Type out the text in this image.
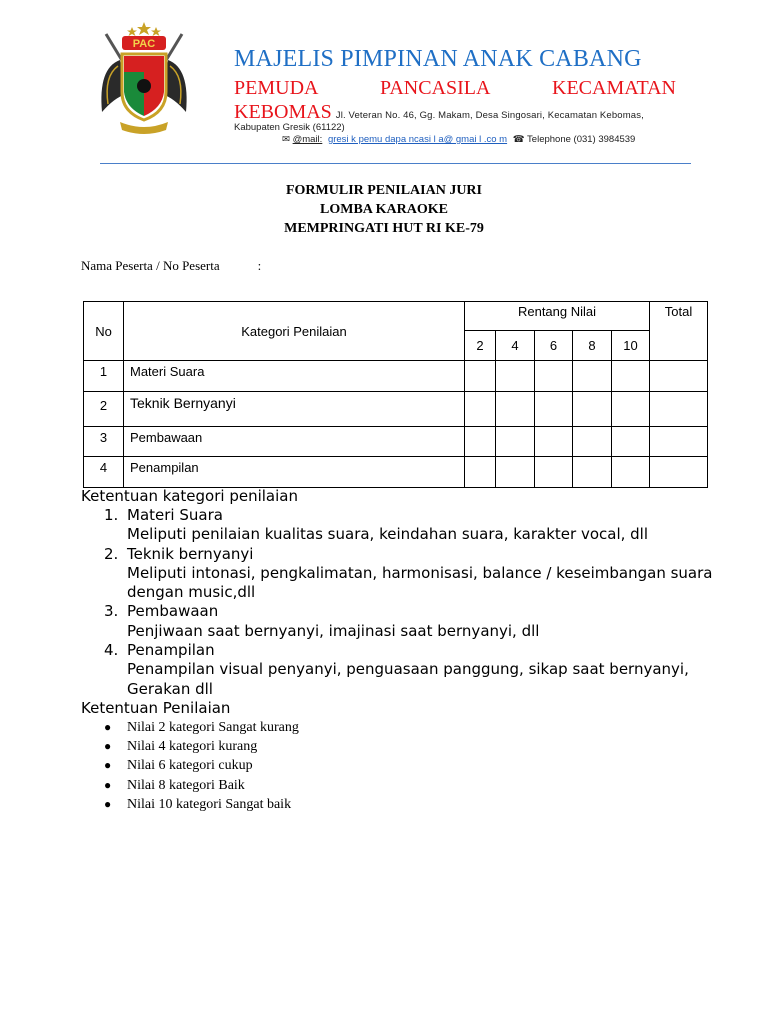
PAC
MAJELIS PIMPINAN ANAK CABANG
PEMUDA	PANCASILA	KECAMATAN
KEBOMAS Jl. Veteran No. 46, Gg. Makam, Desa Singosari, Kecamatan Kebomas,
Kabupaten Gresik (61122)
✉ @mail: gresi k pemu dapa ncasi l a@ gmai l .co m ☎ Telephone (031) 3984539
FORMULIR PENILAIAN JURI
LOMBA KARAOKE
MEMPRINGATI HUT RI KE-79
Nama Peserta / No Peserta	:
No	Kategori Penilaian	Rentang Nilai					Total
		2	4	6	8	10	
1	Materi Suara						
2	Teknik Bernyanyi						
3	Pembawaan						
4	Penampilan						
Ketentuan kategori penilaian
1. Materi Suara
Meliputi penilaian kualitas suara, keindahan suara, karakter vocal, dll
2. Teknik bernyanyi
Meliputi intonasi, pengkalimatan, harmonisasi, balance / keseimbangan suara dengan music,dll
3. Pembawaan
Penjiwaan saat bernyanyi, imajinasi saat bernyanyi, dll
4. Penampilan
Penampilan visual penyanyi, penguasaan panggung, sikap saat bernyanyi, Gerakan dll
Ketentuan Penilaian
●	Nilai 2 kategori Sangat kurang
●	Nilai 4 kategori kurang
●	Nilai 6 kategori cukup
●	Nilai 8 kategori Baik
●	Nilai 10 kategori Sangat baik
